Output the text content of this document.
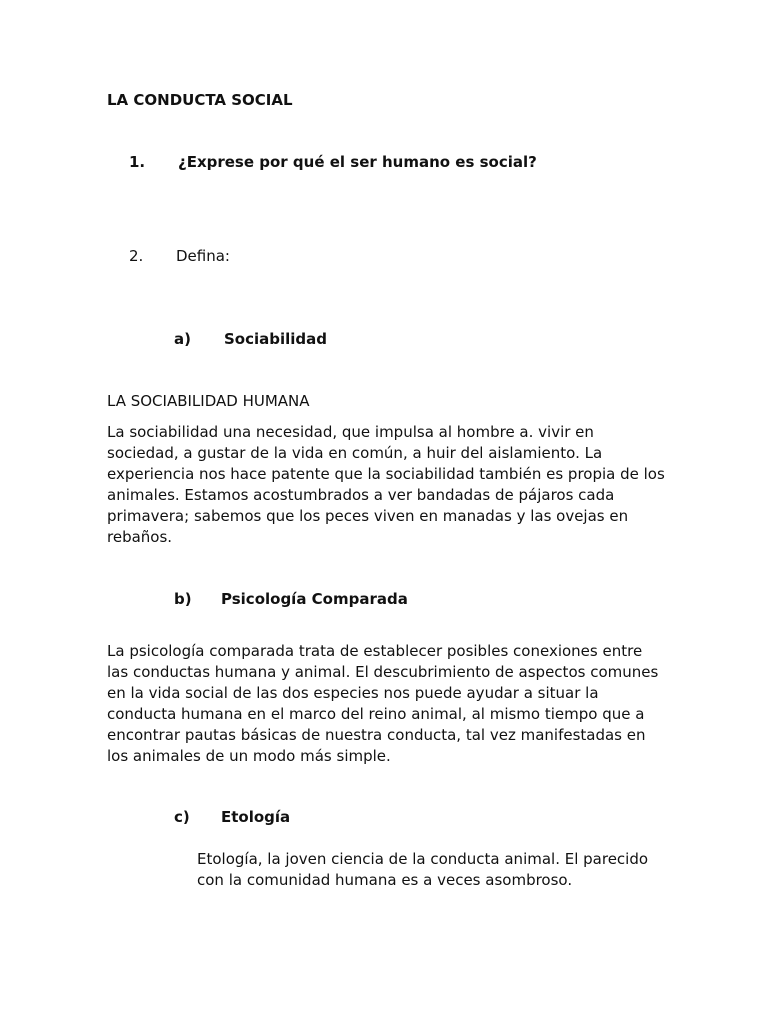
LA CONDUCTA SOCIAL
1. ¿Exprese por qué el ser humano es social?
2. Defina:
a) Sociabilidad
LA SOCIABILIDAD HUMANA

La sociabilidad una necesidad, que impulsa al hombre a. vivir en sociedad, a gustar de la vida en común, a huir del aislamiento. La experiencia nos hace patente que la sociabilidad también es propia de los animales. Estamos acostumbrados a ver bandadas de pájaros cada primavera; sabemos que los peces viven en manadas y las ovejas en rebaños.

b) Psicología Comparada

La psicología comparada trata de establecer posibles conexiones entre las conductas humana y animal. El descubrimiento de aspectos comunes en la vida social de las dos especies nos puede ayudar a situar la conducta humana en el marco del reino animal, al mismo tiempo que a encontrar pautas básicas de nuestra conducta, tal vez manifestadas en los animales de un modo más simple.

c) Etología

Etología, la joven ciencia de la conducta animal. El parecido con la comunidad humana es a veces asombroso.
